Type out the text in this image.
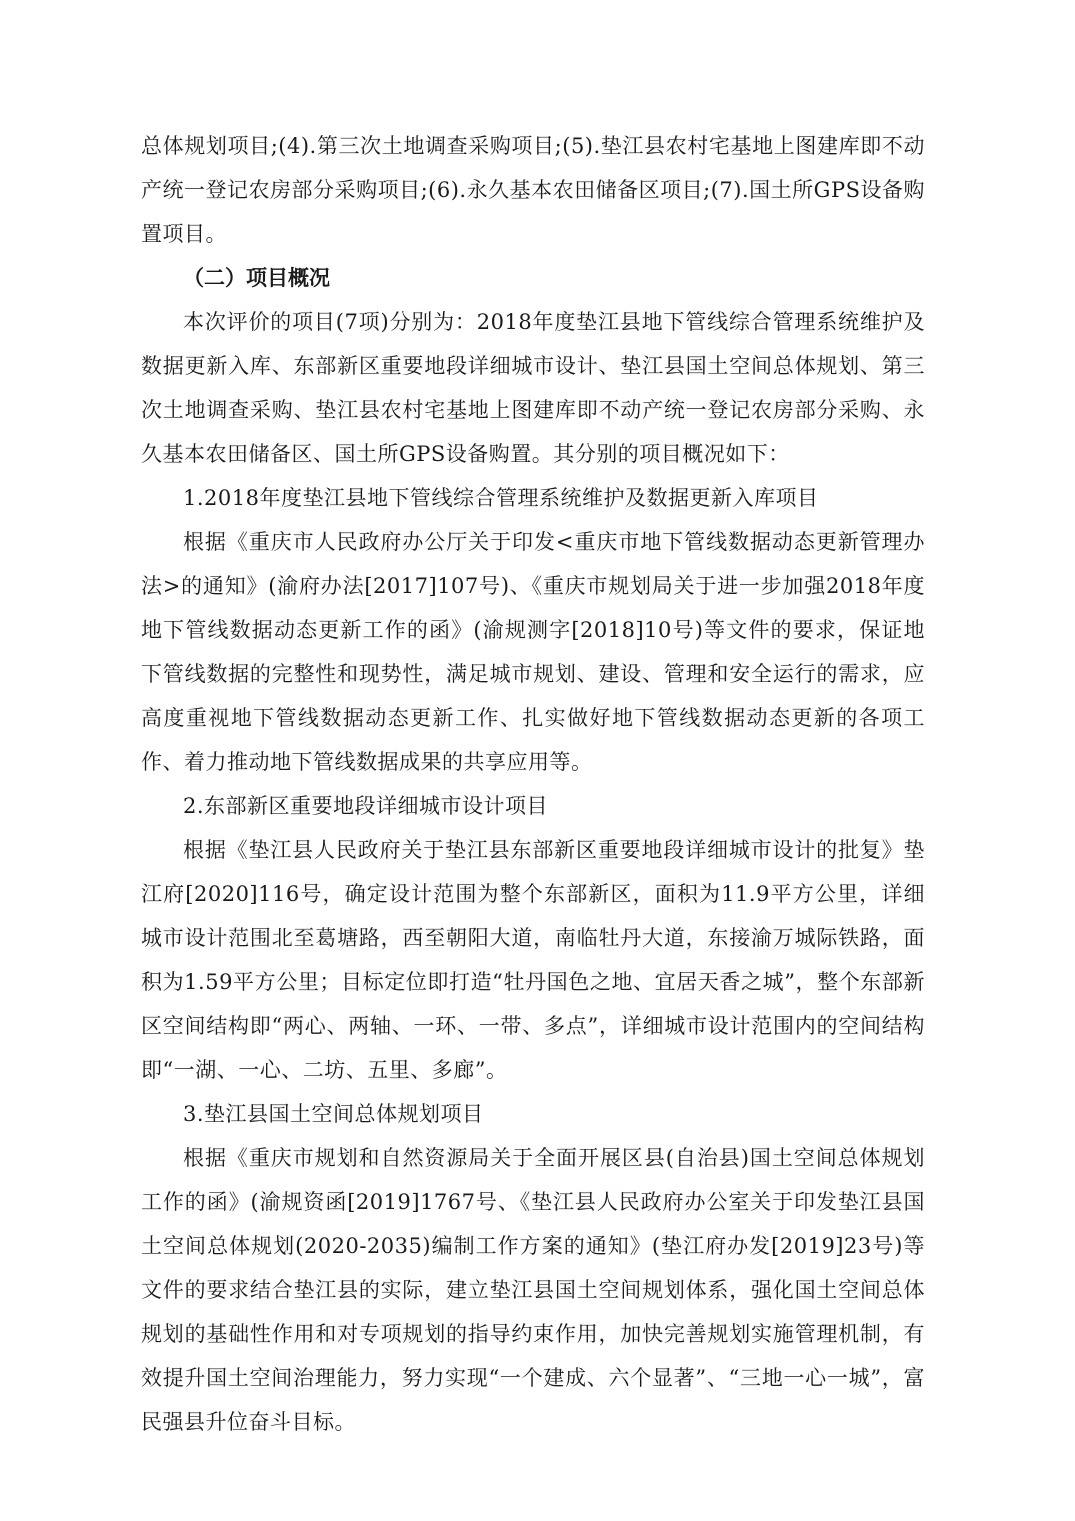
总体规划项目;(4).第三次土地调查采购项目;(5).垫江县农村宅基地上图建库即不动产统一登记农房部分采购项目;(6).永久基本农田储备区项目;(7).国土所GPS设备购置项目。

（二）项目概况

本次评价的项目(7项)分别为：2018年度垫江县地下管线综合管理系统维护及数据更新入库、东部新区重要地段详细城市设计、垫江县国土空间总体规划、第三次土地调查采购、垫江县农村宅基地上图建库即不动产统一登记农房部分采购、永久基本农田储备区、国土所GPS设备购置。其分别的项目概况如下：

1.2018年度垫江县地下管线综合管理系统维护及数据更新入库项目

根据《重庆市人民政府办公厅关于印发<重庆市地下管线数据动态更新管理办法>的通知》(渝府办法[2017]107号)、《重庆市规划局关于进一步加强2018年度地下管线数据动态更新工作的函》(渝规测字[2018]10号)等文件的要求，保证地下管线数据的完整性和现势性，满足城市规划、建设、管理和安全运行的需求，应高度重视地下管线数据动态更新工作、扎实做好地下管线数据动态更新的各项工作、着力推动地下管线数据成果的共享应用等。

2.东部新区重要地段详细城市设计项目

根据《垫江县人民政府关于垫江县东部新区重要地段详细城市设计的批复》垫江府[2020]116号，确定设计范围为整个东部新区，面积为11.9平方公里，详细城市设计范围北至葛塘路，西至朝阳大道，南临牡丹大道，东接渝万城际铁路，面积为1.59平方公里；目标定位即打造“牡丹国色之地、宜居天香之城”，整个东部新区空间结构即“两心、两轴、一环、一带、多点”，详细城市设计范围内的空间结构即“一湖、一心、二坊、五里、多廊”。

3.垫江县国土空间总体规划项目

根据《重庆市规划和自然资源局关于全面开展区县(自治县)国土空间总体规划工作的函》(渝规资函[2019]1767号、《垫江县人民政府办公室关于印发垫江县国土空间总体规划(2020-2035)编制工作方案的通知》(垫江府办发[2019]23号)等文件的要求结合垫江县的实际，建立垫江县国土空间规划体系，强化国土空间总体规划的基础性作用和对专项规划的指导约束作用，加快完善规划实施管理机制，有效提升国土空间治理能力，努力实现“一个建成、六个显著”、“三地一心一城”，富民强县升位奋斗目标。
